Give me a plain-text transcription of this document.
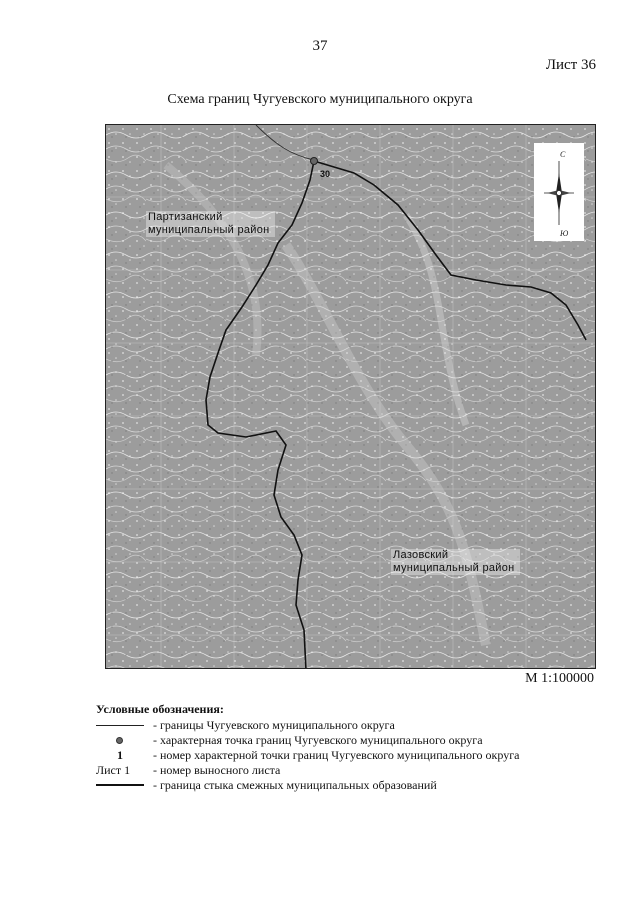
37
Лист 36
Схема границ Чугуевского муниципального округа
30
Партизанский муниципальный район
Лазовский муниципальный район
С
Ю
М 1:100000
Условные обозначения:
- границы Чугуевского муниципального округа
- характерная точка границ Чугуевского муниципального округа
1	- номер характерной точки границ Чугуевского муниципального округа
Лист 1	- номер выносного листа
- граница стыка смежных муниципальных образований
